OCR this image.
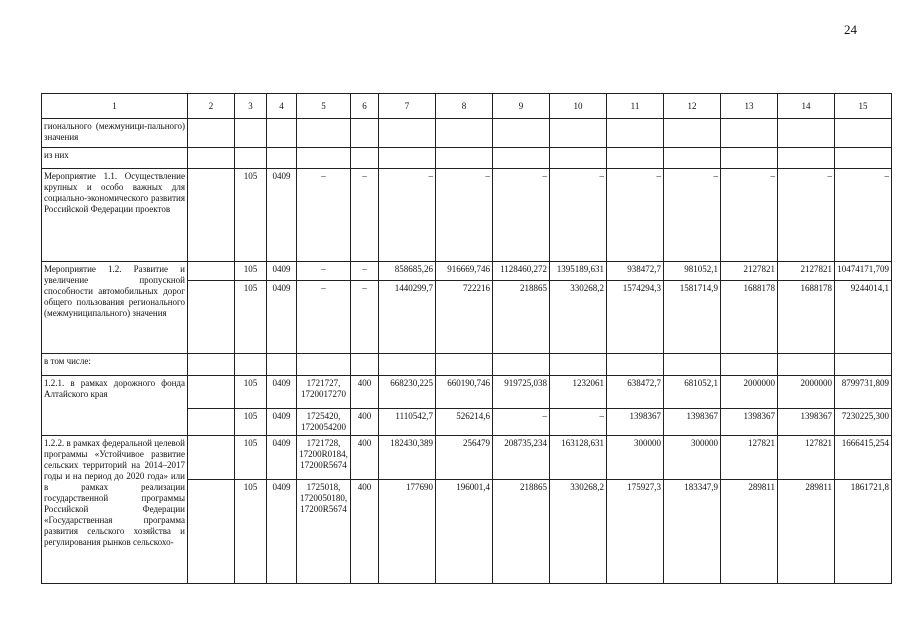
24
1	2	3	4	5	6	7	8	9	10	11	12	13	14	15
гионального (межмуници-пального) значения														
из них														
Мероприятие 1.1. Осуществление крупных и особо важных для социально-экономического развития Российской Федерации проектов		105	0409	–	–	–	–	–	–	–	–	–	–	–
Мероприятие 1.2. Развитие и увеличение пропускной способности автомобильных дорог общего пользования регионального (межмуниципального) значения		105	0409	–	–	858685,26	916669,746	1128460,272	1395189,631	938472,7	981052,1	2127821	2127821	10474171,709
		105	0409	–	–	1440299,7	722216	218865	330268,2	1574294,3	1581714,9	1688178	1688178	9244014,1
в том числе:														
1.2.1. в рамках дорожного фонда Алтайского края		105	0409	1721727, 1720017270	400	668230,225	660190,746	919725,038	1232061	638472,7	681052,1	2000000	2000000	8799731,809
		105	0409	1725420, 1720054200	400	1110542,7	526214,6	–	–	1398367	1398367	1398367	1398367	7230225,300
1.2.2. в рамках федеральной целевой программы «Устойчивое развитие сельских территорий на 2014–2017 годы и на период до 2020 года» или в рамках реализации государственной программы Российской Федерации «Государственная программа развития сельского хозяйства и регулирования рынков сельскохо-		105	0409	1721728, 17200R0184, 17200R5674	400	182430,389	256479	208735,234	163128,631	300000	300000	127821	127821	1666415,254
		105	0409	1725018, 1720050180, 17200R5674	400	177690	196001,4	218865	330268,2	175927,3	183347,9	289811	289811	1861721,8
